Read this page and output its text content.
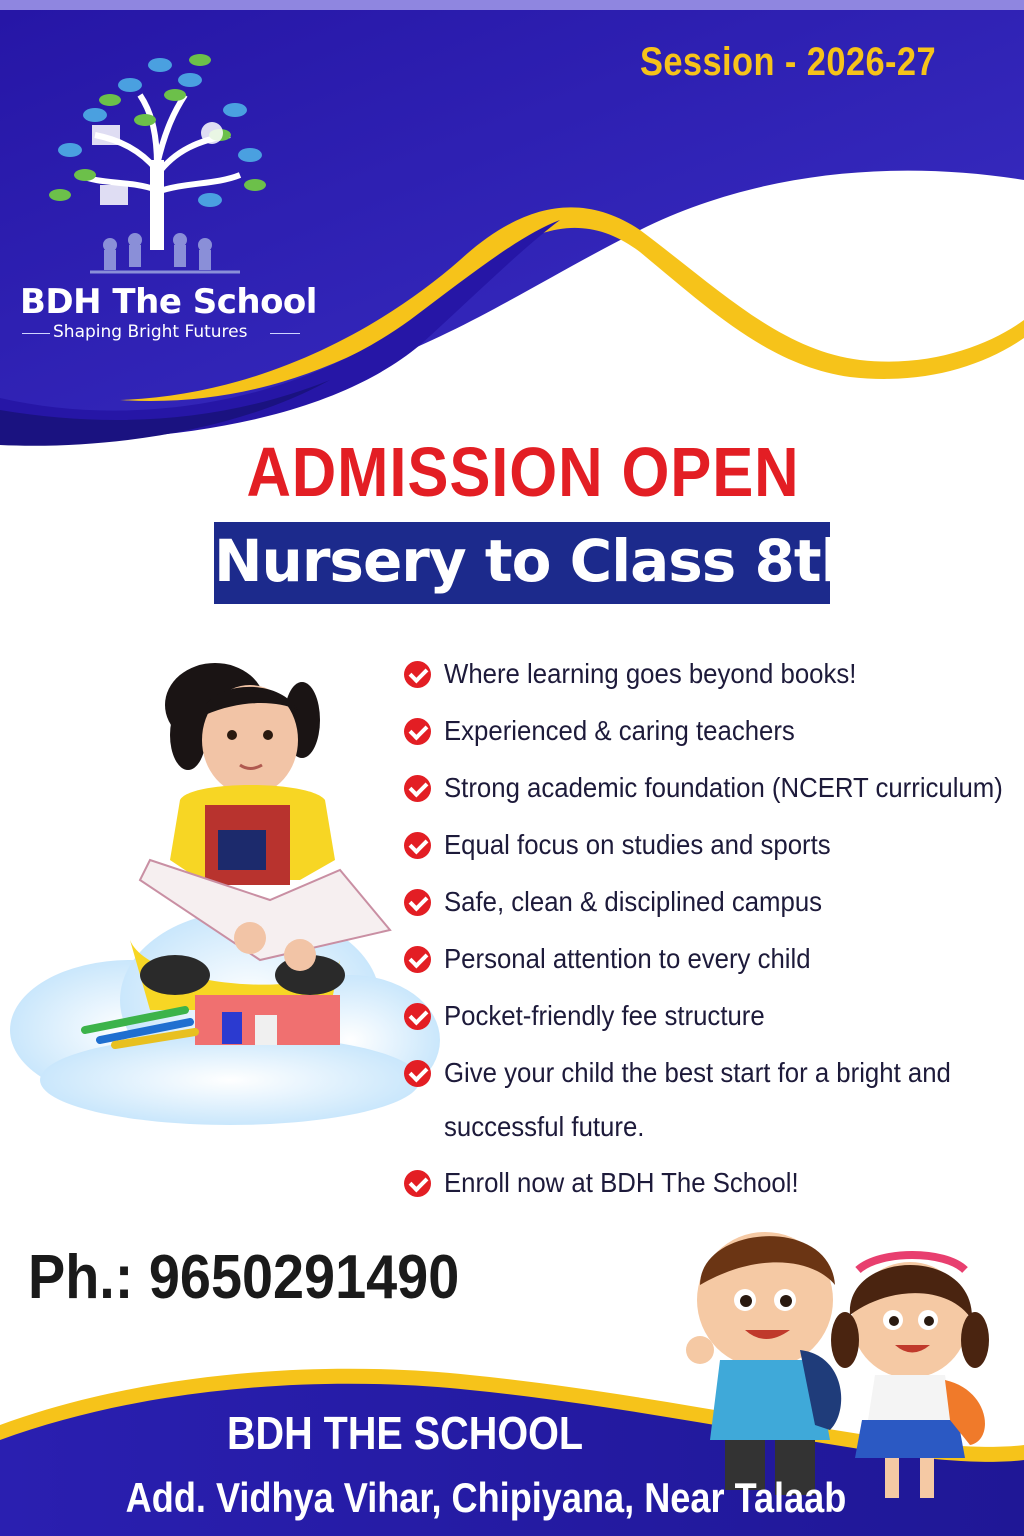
Session - 2026-27
BDH The School
Shaping Bright Futures
ADMISSION OPEN
Nursery to Class 8th
Where learning goes beyond books!
Experienced & caring teachers
Strong academic foundation (NCERT curriculum)
Equal focus on studies and sports
Safe, clean & disciplined campus
Personal attention to every child
Pocket-friendly fee structure
Give your child the best start for a bright and successful future.
Enroll now at BDH The School!
Ph.: 9650291490
BDH THE SCHOOL
Add. Vidhya Vihar, Chipiyana, Near Talaab
